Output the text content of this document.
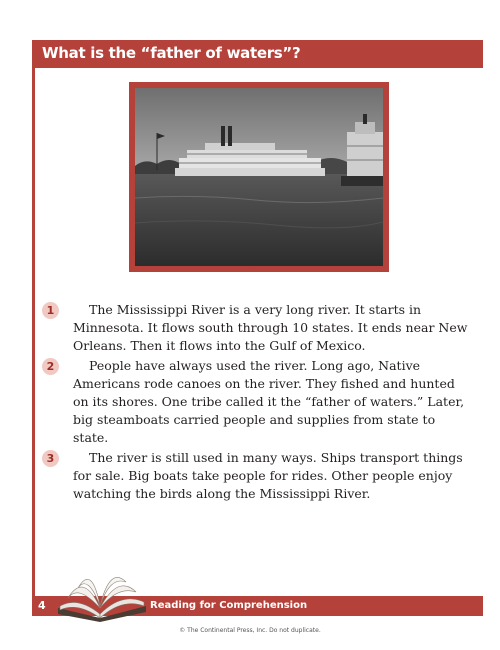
What is the “father of waters”?
1	The Mississippi River is a very long river. It starts in Minnesota. It flows south through 10 states. It ends near New Orleans. Then it flows into the Gulf of Mexico.

2	People have always used the river. Long ago, Native Americans rode canoes on the river. They fished and hunted on its shores. One tribe called it the “father of waters.” Later, big steamboats carried people and supplies from state to state.

3	The river is still used in many ways. Ships transport things for sale. Big boats take people for rides. Other people enjoy watching the birds along the Mississippi River.

4	Reading for Comprehension
© The Continental Press, Inc. Do not duplicate.
